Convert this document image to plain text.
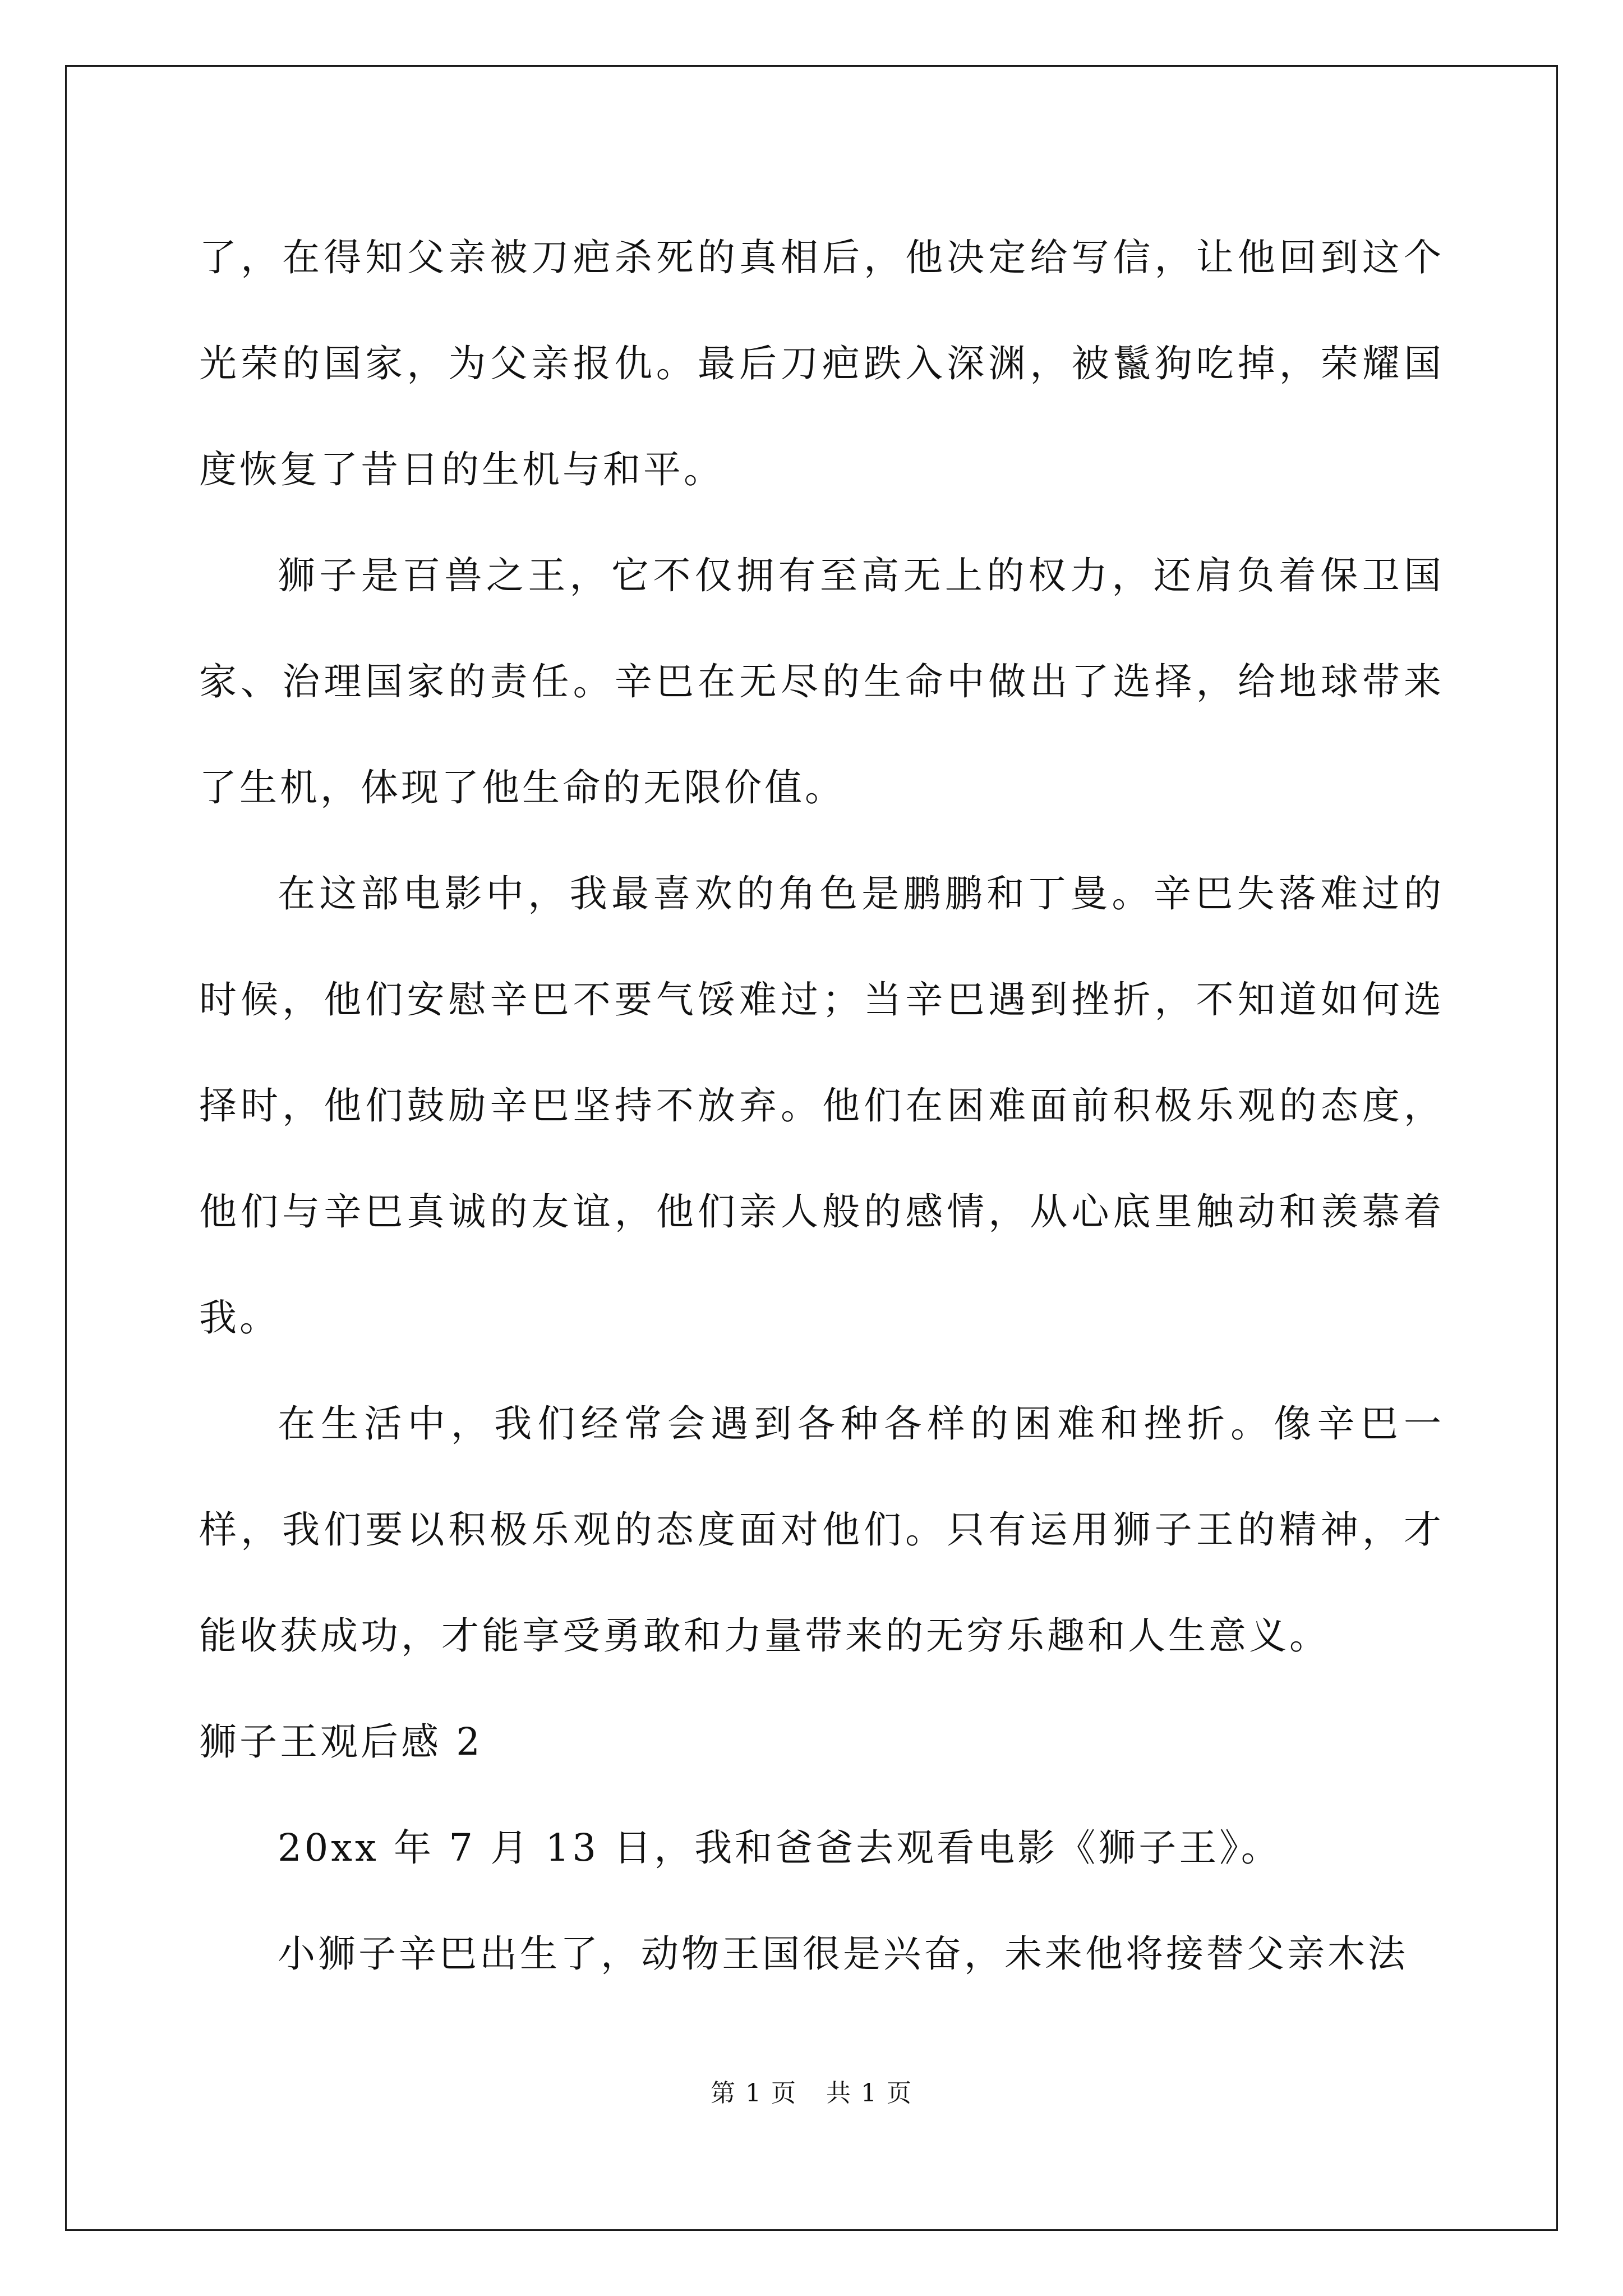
了，在得知父亲被刀疤杀死的真相后，他决定给写信，让他回到这个光荣的国家，为父亲报仇。最后刀疤跌入深渊，被鬣狗吃掉，荣耀国度恢复了昔日的生机与和平。

狮子是百兽之王，它不仅拥有至高无上的权力，还肩负着保卫国家、治理国家的责任。辛巴在无尽的生命中做出了选择，给地球带来了生机，体现了他生命的无限价值。

在这部电影中，我最喜欢的角色是鹏鹏和丁曼。辛巴失落难过的时候，他们安慰辛巴不要气馁难过；当辛巴遇到挫折，不知道如何选择时，他们鼓励辛巴坚持不放弃。他们在困难面前积极乐观的态度，他们与辛巴真诚的友谊，他们亲人般的感情，从心底里触动和羡慕着我。

在生活中，我们经常会遇到各种各样的困难和挫折。像辛巴一样，我们要以积极乐观的态度面对他们。只有运用狮子王的精神，才能收获成功，才能享受勇敢和力量带来的无穷乐趣和人生意义。

狮子王观后感 2

20xx 年 7 月 13 日，我和爸爸去观看电影《狮子王》。

小狮子辛巴出生了，动物王国很是兴奋，未来他将接替父亲木法

第 1 页 共 1 页
